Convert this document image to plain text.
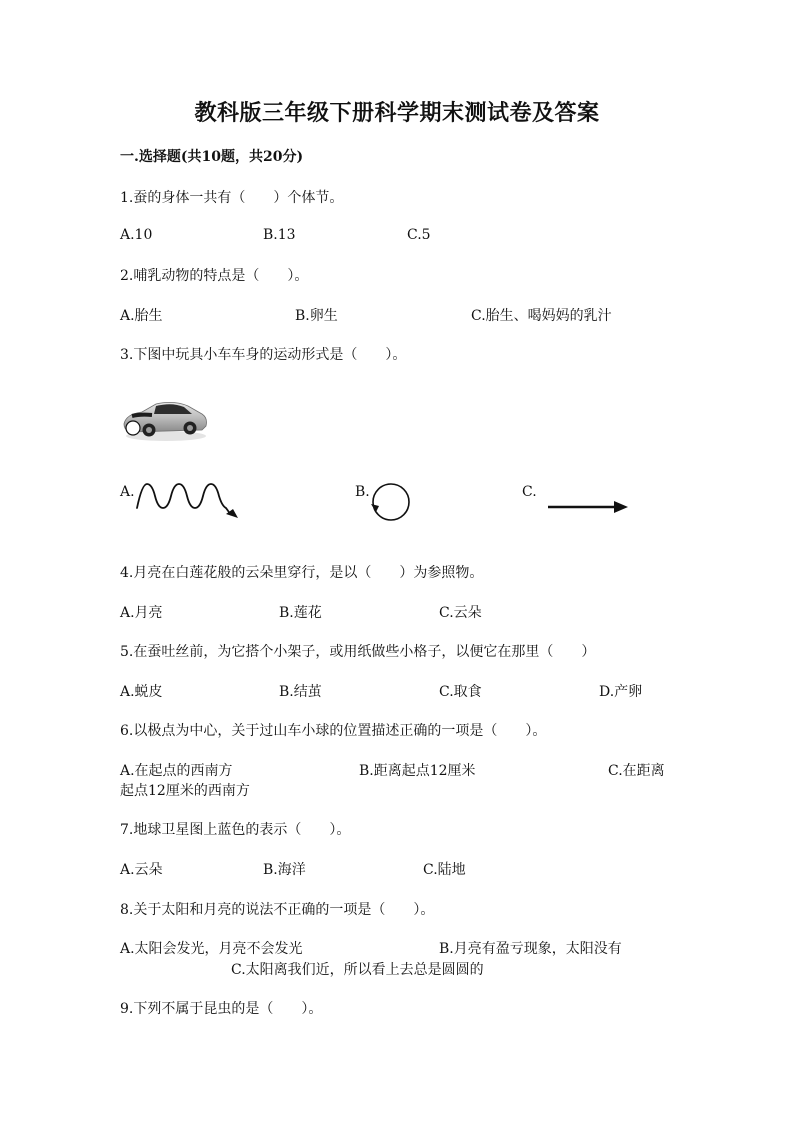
教科版三年级下册科学期末测试卷及答案
一.选择题(共10题，共20分)
1.蚕的身体一共有（　　）个体节。
A.10	B.13	C.5
2.哺乳动物的特点是（　　）。
A.胎生	B.卵生	C.胎生、喝妈妈的乳汁
3.下图中玩具小车车身的运动形式是（　　）。
A.	B.	C.
4.月亮在白莲花般的云朵里穿行，是以（　　）为参照物。
A.月亮	B.莲花	C.云朵
5.在蚕吐丝前，为它搭个小架子，或用纸做些小格子，以便它在那里（　　）
A.蜕皮	B.结茧	C.取食	D.产卵
6.以极点为中心，关于过山车小球的位置描述正确的一项是（　　）。
A.在起点的西南方	B.距离起点12厘米	C.在距离
起点12厘米的西南方
7.地球卫星图上蓝色的表示（　　）。
A.云朵	B.海洋	C.陆地
8.关于太阳和月亮的说法不正确的一项是（　　）。
A.太阳会发光，月亮不会发光	B.月亮有盈亏现象，太阳没有
C.太阳离我们近，所以看上去总是圆圆的
9.下列不属于昆虫的是（　　）。
